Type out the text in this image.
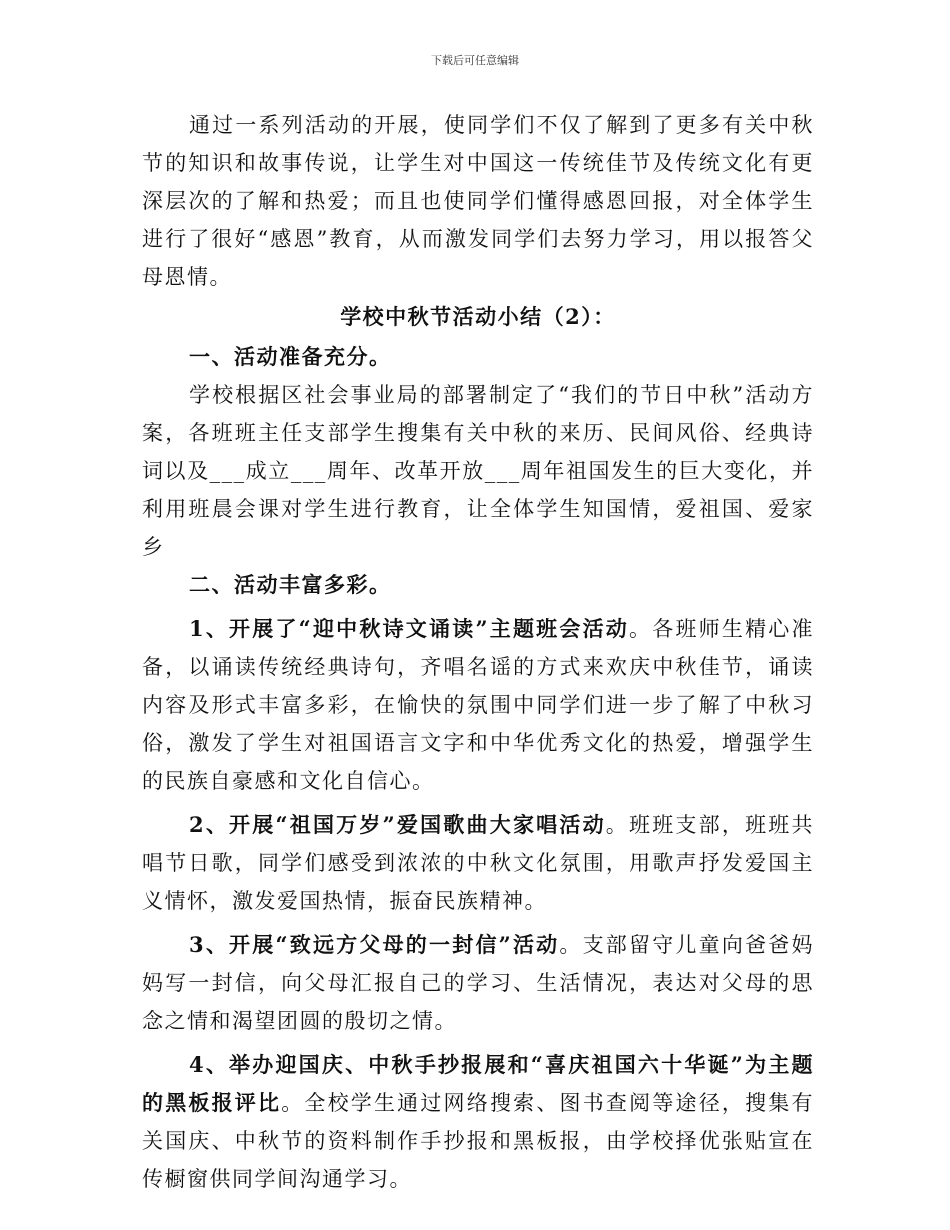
下载后可任意编辑

通过一系列活动的开展，使同学们不仅了解到了更多有关中秋节的知识和故事传说，让学生对中国这一传统佳节及传统文化有更深层次的了解和热爱；而且也使同学们懂得感恩回报，对全体学生进行了很好“感恩”教育，从而激发同学们去努力学习，用以报答父母恩情。

学校中秋节活动小结（2）：

一、活动准备充分。

学校根据区社会事业局的部署制定了“我们的节日中秋”活动方案，各班班主任支部学生搜集有关中秋的来历、民间风俗、经典诗词以及___成立___周年、改革开放___周年祖国发生的巨大变化，并利用班晨会课对学生进行教育，让全体学生知国情，爱祖国、爱家乡

二、活动丰富多彩。

1、开展了“迎中秋诗文诵读”主题班会活动。各班师生精心准备，以诵读传统经典诗句，齐唱名谣的方式来欢庆中秋佳节，诵读内容及形式丰富多彩，在愉快的氛围中同学们进一步了解了中秋习俗，激发了学生对祖国语言文字和中华优秀文化的热爱，增强学生的民族自豪感和文化自信心。

2、开展“祖国万岁”爱国歌曲大家唱活动。班班支部，班班共唱节日歌，同学们感受到浓浓的中秋文化氛围，用歌声抒发爱国主义情怀，激发爱国热情，振奋民族精神。

3、开展“致远方父母的一封信”活动。支部留守儿童向爸爸妈妈写一封信，向父母汇报自己的学习、生活情况，表达对父母的思念之情和渴望团圆的殷切之情。

4、举办迎国庆、中秋手抄报展和“喜庆祖国六十华诞”为主题的黑板报评比。全校学生通过网络搜索、图书查阅等途径，搜集有关国庆、中秋节的资料制作手抄报和黑板报，由学校择优张贴宣在传橱窗供同学间沟通学习。
